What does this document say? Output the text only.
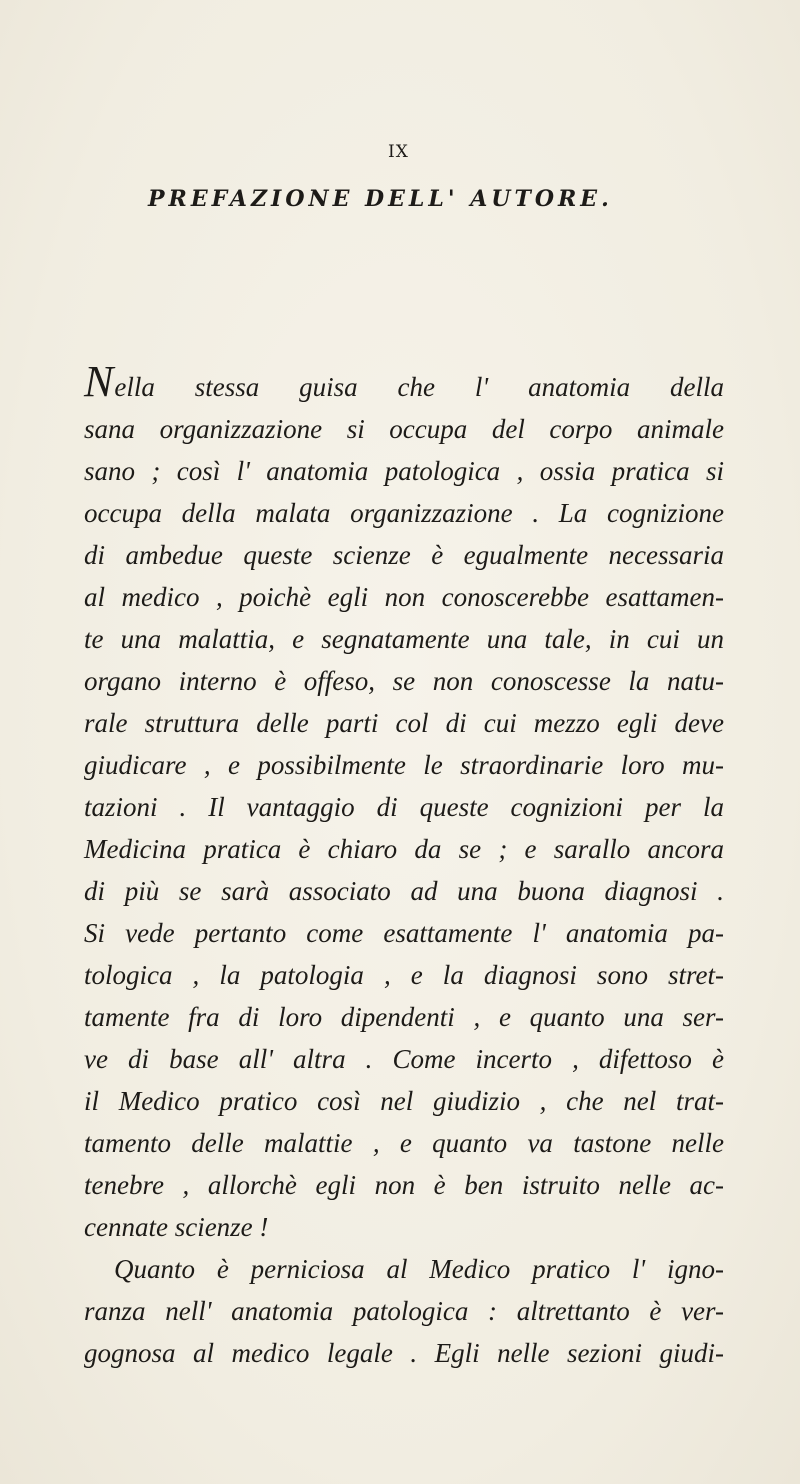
IX
PREFAZIONE DELL' AUTORE.
Nella stessa guisa che l' anatomia della
sana organizzazione si occupa del corpo animale
sano ; così l' anatomia patologica , ossia pratica si
occupa della malata organizzazione . La cognizione
di ambedue queste scienze è egualmente necessaria
al medico , poichè egli non conoscerebbe esattamen-
te una malattia, e segnatamente una tale, in cui un
organo interno è offeso, se non conoscesse la natu-
rale struttura delle parti col di cui mezzo egli deve
giudicare , e possibilmente le straordinarie loro mu-
tazioni . Il vantaggio di queste cognizioni per la
Medicina pratica è chiaro da se ; e sarallo ancora
di più se sarà associato ad una buona diagnosi .
Si vede pertanto come esattamente l' anatomia pa-
tologica , la patologia , e la diagnosi sono stret-
tamente fra di loro dipendenti , e quanto una ser-
ve di base all' altra . Come incerto , difettoso è
il Medico pratico così nel giudizio , che nel trat-
tamento delle malattie , e quanto va tastone nelle
tenebre , allorchè egli non è ben istruito nelle ac-
cennate scienze !
Quanto è perniciosa al Medico pratico l' igno-
ranza nell' anatomia patologica : altrettanto è ver-
gognosa al medico legale . Egli nelle sezioni giudi-
